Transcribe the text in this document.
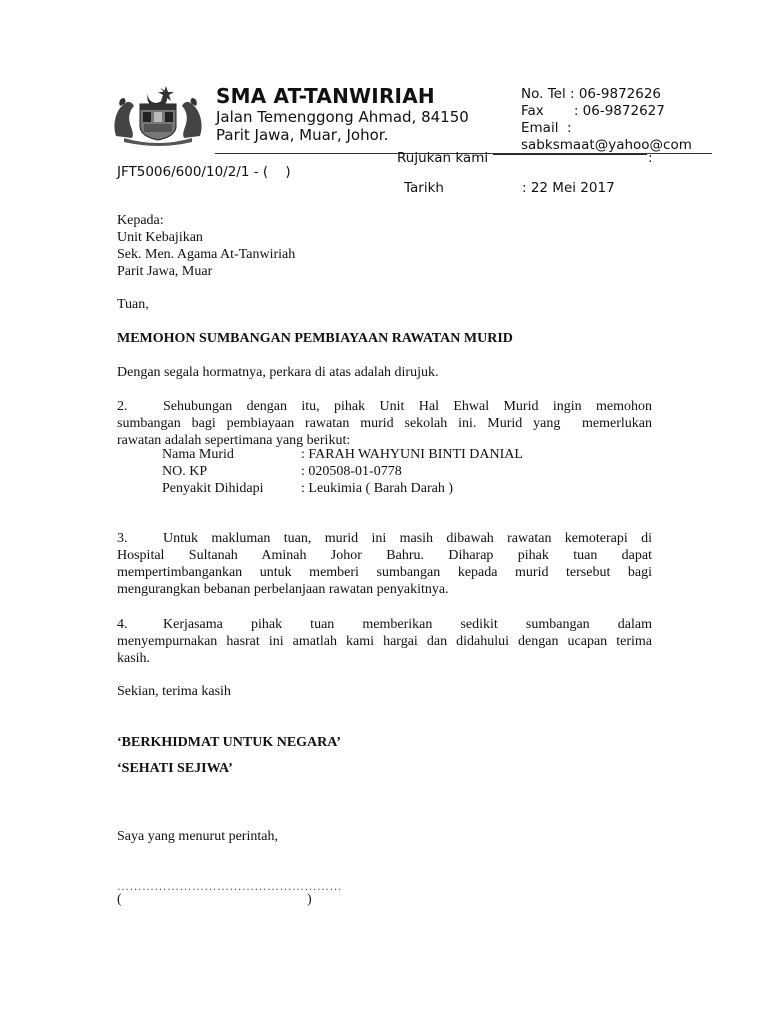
SMA AT-TANWIRIAH
Jalan Temenggong Ahmad, 84150
Parit Jawa, Muar, Johor.
No. Tel : 06-9872626
Fax       : 06-9872627
Email  :
sabksmaat@yahoo@com
Rujukan kami	:
JFT5006/600/10/2/1 - (    )
Tarikh	: 22 Mei 2017
Kepada:
Unit Kebajikan
Sek. Men. Agama At-Tanwiriah
Parit Jawa, Muar
Tuan,
MEMOHON SUMBANGAN PEMBIAYAAN RAWATAN MURID
Dengan segala hormatnya, perkara di atas adalah dirujuk.
2.	Sehubungan dengan itu, pihak Unit Hal Ehwal Murid ingin memohon
sumbangan bagi pembiayaan rawatan murid sekolah ini. Murid yang  memerlukan
rawatan adalah sepertimana yang berikut:
Nama Murid	: FARAH WAHYUNI BINTI DANIAL
NO. KP	: 020508-01-0778
Penyakit Dihidapi	: Leukimia ( Barah Darah )
3.	Untuk makluman tuan, murid ini masih dibawah rawatan kemoterapi di
Hospital Sultanah Aminah Johor Bahru. Diharap pihak tuan dapat
mempertimbangankan untuk memberi sumbangan kepada murid tersebut bagi
mengurangkan bebanan perbelanjaan rawatan penyakitnya.
4.	Kerjasama pihak tuan memberikan sedikit sumbangan dalam
menyempurnakan hasrat ini amatlah kami hargai dan didahului dengan ucapan terima
kasih.
Sekian, terima kasih
‘BERKHIDMAT UNTUK NEGARA’
‘SEHATI SEJIWA’
Saya yang menurut perintah,
………………………………………………
(	)
